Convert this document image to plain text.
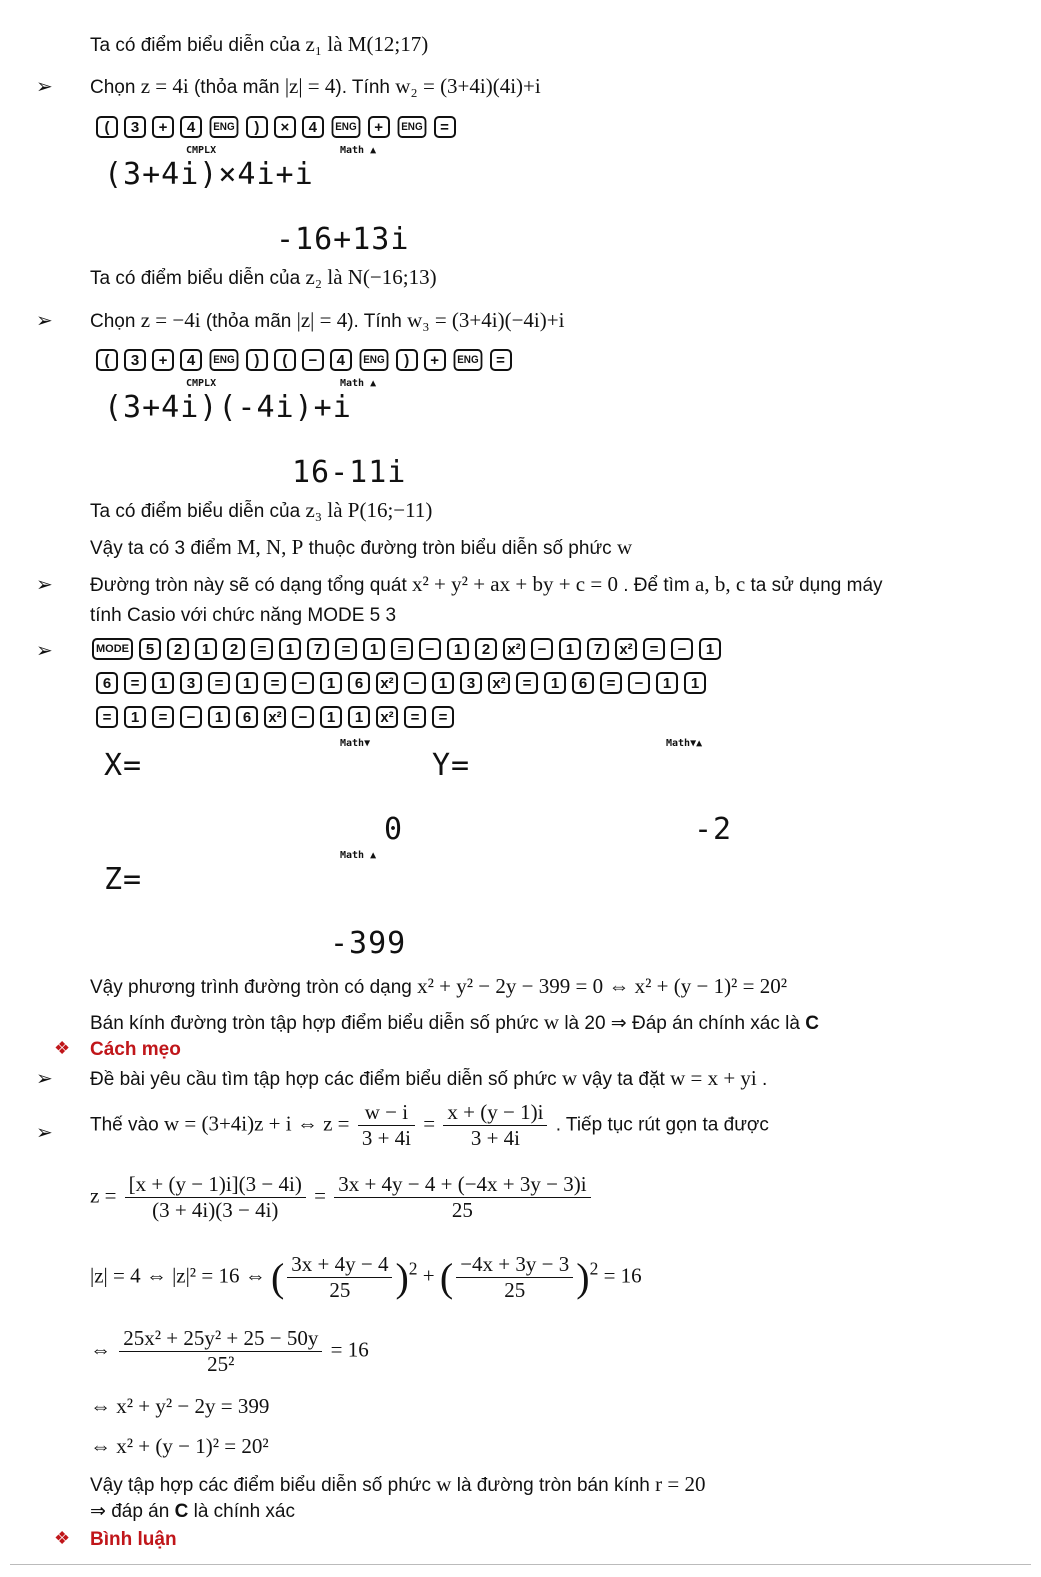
Ta có điểm biểu diễn của z₁ là M(12;17)
➢ Chọn z = 4i (thỏa mãn |z| = 4). Tính w₂ = (3+4i)(4i)+i
(	3	+	4	ENG	)	×	4	ENG	+	ENG	=
CMPLX	Math ▲
(3+4i)×4i+i
-16+13i
Ta có điểm biểu diễn của z₂ là N(−16;13)
➢ Chọn z = −4i (thỏa mãn |z| = 4). Tính w₃ = (3+4i)(−4i)+i
(	3	+	4	ENG	)	(	−	4	ENG	)	+	ENG	=
CMPLX	Math ▲
(3+4i)(-4i)+i
16-11i
Ta có điểm biểu diễn của z₃ là P(16;−11)
Vậy ta có 3 điểm M, N, P thuộc đường tròn biểu diễn số phức w
➢ Đường tròn này sẽ có dạng tổng quát x² + y² + ax + by + c = 0 . Để tìm a, b, c ta sử dụng máy
tính Casio với chức năng MODE 5 3
➢	MODE	5	2	1	2	=	1	7	=	1	=	−	1	2	x²	−	1	7	x²	=	−	1
6	=	1	3	=	1	=	−	1	6	x²	−	1	3	x²	=	1	6	=	−	1	1
=	1	=	−	1	6	x²	−	1	1	x²	=	=
Math▼	Math▼▲
X=	Y=
0	-2
Math ▲
Z=
-399
Vậy phương trình đường tròn có dạng x² + y² − 2y − 399 = 0 ⇔ x² + (y − 1)² = 20²
Bán kính đường tròn tập hợp điểm biểu diễn số phức w là 20 ⇒ Đáp án chính xác là C
❖ Cách mẹo
➢ Đề bài yêu cầu tìm tập hợp các điểm biểu diễn số phức w vậy ta đặt w = x + yi .
➢ Thế vào w = (3+4i)z + i ⇔ $z = \frac{w - i}{3 + 4i} = \frac{x + (y - 1)i}{3 + 4i}$ . Tiếp tục rút gọn ta được
$z = \frac{[x + (y - 1)i](3 - 4i)}{(3 + 4i)(3 - 4i)} = \frac{3x + 4y - 4 + (-4x + 3y - 3)i}{25}$
|z| = 4 ⇔ |z|² = 16 ⇔ ( $\frac{3x + 4y - 4}{25} )^2$ + ( $\frac{-4x + 3y - 3}{25} )^2 = 16$
⇔ $\frac{\text{25x² + 25y² + 25 − 50y}}{\text{25²}} = 16$
⇔ x² + y² − 2y = 399
⇔ x² + (y − 1)² = 20²
Vậy tập hợp các điểm biểu diễn số phức w là đường tròn bán kính r = 20
⇒ đáp án C là chính xác
❖ Bình luận
